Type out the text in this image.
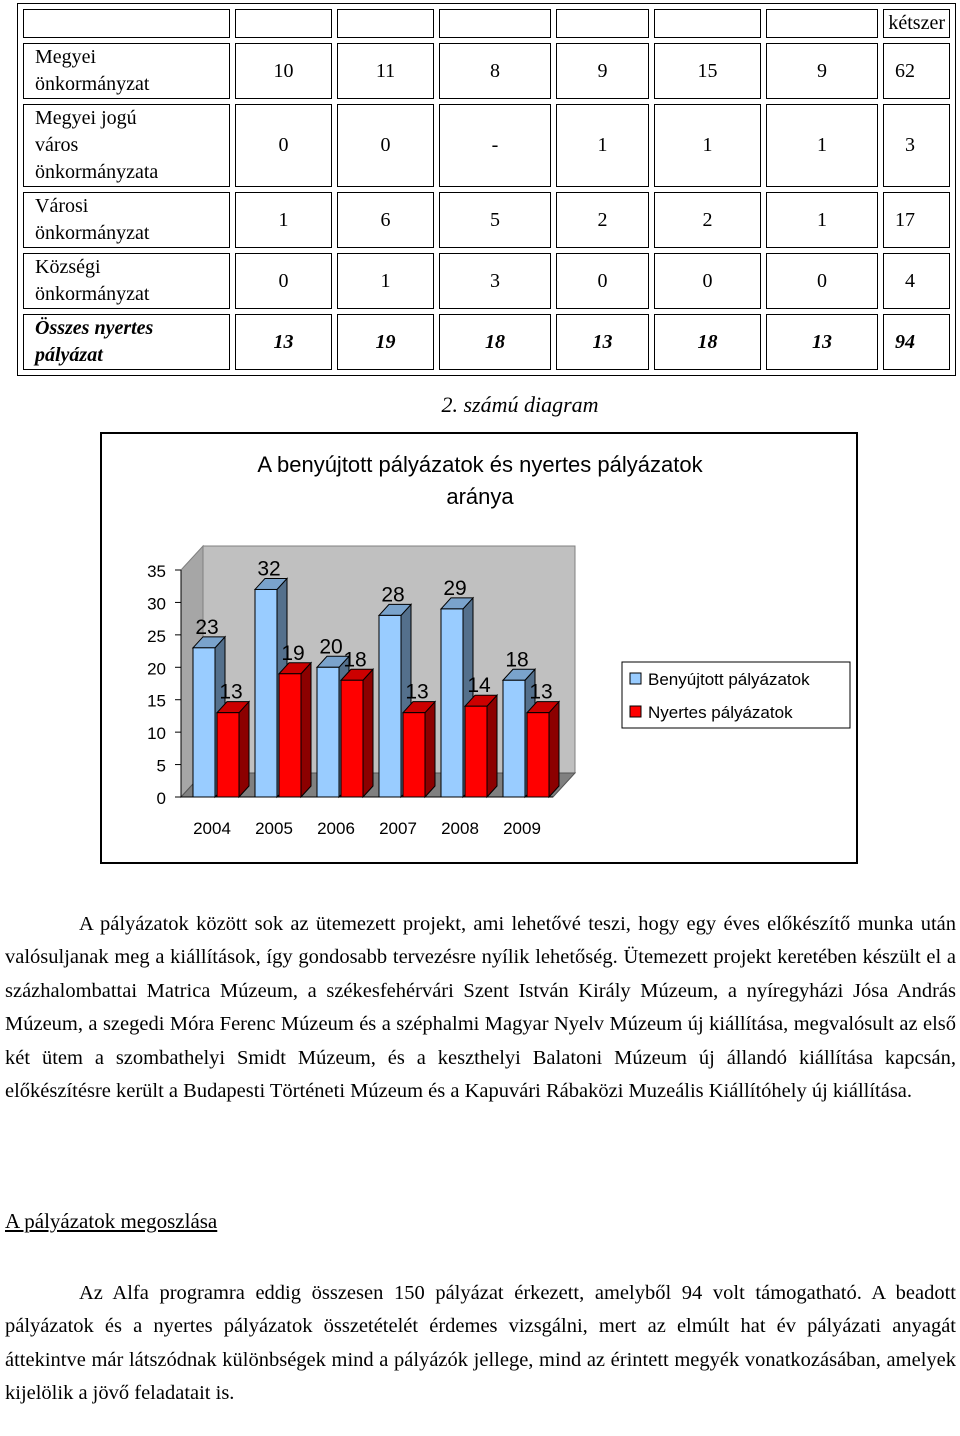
							kétszer
Megyei
önkormányzat	10	11	8	9	15	9	62
Megyei jogú
város
önkormányzata	0	0	-	1	1	1	3
Városi
önkormányzat	1	6	5	2	2	1	17
Községi
önkormányzat	0	1	3	0	0	0	4
Összes nyertes
pályázat	13	19	18	13	18	13	94
2. számú diagram
A benyújtott pályázatok és nyertes pályázatok
aránya
0
5
10
15
20
25
30
35
2004
23
13
2005
32
19
2006
20
18
2007
28
13
2008
29
14
2009
18
13
Benyújtott pályázatok
Nyertes pályázatok

A pályázatok között sok az ütemezett projekt, ami lehetővé teszi, hogy egy éves előkészítő munka után valósuljanak meg a kiállítások, így gondosabb tervezésre nyílik lehetőség. Ütemezett projekt keretében készült el a százhalombattai Matrica Múzeum, a székesfehérvári Szent István Király Múzeum, a nyíregyházi Jósa András Múzeum, a szegedi Móra Ferenc Múzeum és a széphalmi Magyar Nyelv Múzeum új kiállítása, megvalósult az első két ütem a szombathelyi Smidt Múzeum, és a keszthelyi Balatoni Múzeum új állandó kiállítása kapcsán, előkészítésre került a Budapesti Történeti Múzeum és a Kapuvári Rábaközi Muzeális Kiállítóhely új kiállítása.

A pályázatok megoszlása

Az Alfa programra eddig összesen 150 pályázat érkezett, amelyből 94 volt támogatható. A beadott pályázatok és a nyertes pályázatok összetételét érdemes vizsgálni, mert az elmúlt hat év pályázati anyagát áttekintve már látszódnak különbségek mind a pályázók jellege, mind az érintett megyék vonatkozásában, amelyek kijelölik a jövő feladatait is.
